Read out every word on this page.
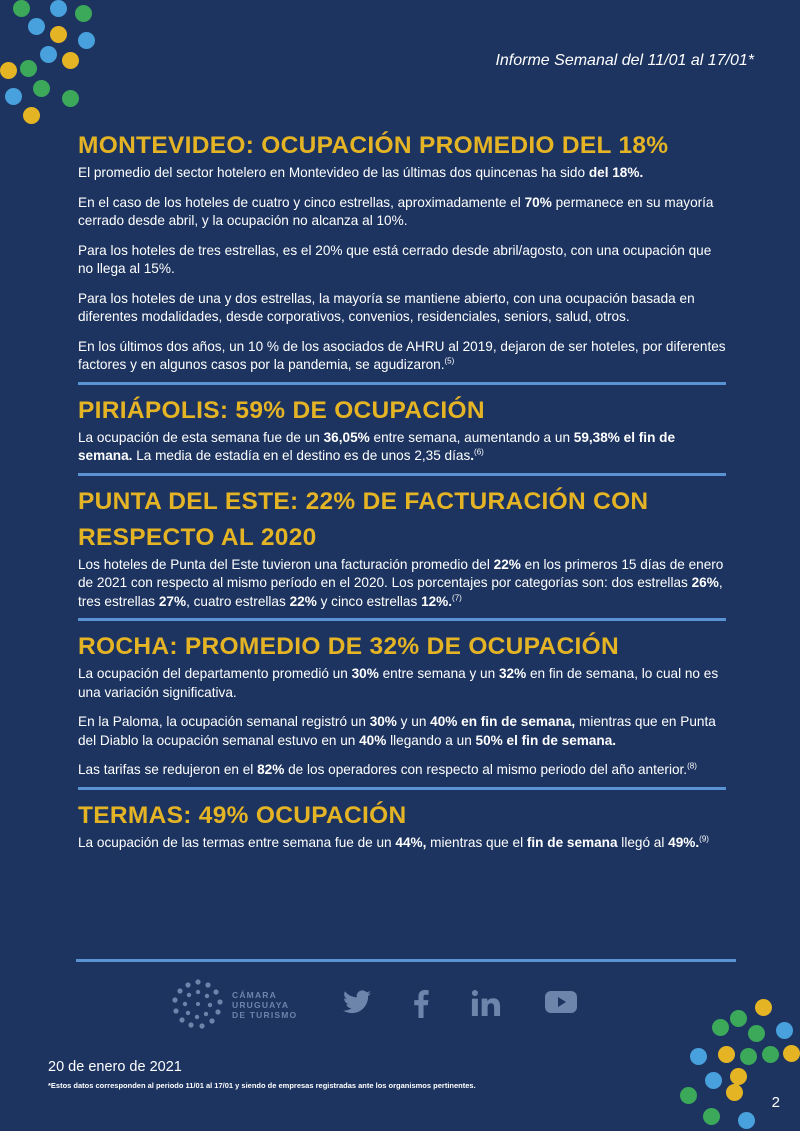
Informe Semanal del 11/01 al 17/01*
MONTEVIDEO: OCUPACIÓN PROMEDIO DEL 18%

El promedio del sector hotelero en Montevideo de las últimas dos quincenas ha sido del 18%.

En el caso de los hoteles de cuatro y cinco estrellas, aproximadamente el 70% permanece en su mayoría cerrado desde abril, y la ocupación no alcanza al 10%.

Para los hoteles de tres estrellas, es el 20% que está cerrado desde abril/agosto, con una ocupación que no llega al 15%.

Para los hoteles de una y dos estrellas, la mayoría se mantiene abierto, con una ocupación basada en diferentes modalidades, desde corporativos, convenios, residenciales, seniors, salud, otros.

En los últimos dos años, un 10 % de los asociados de AHRU al 2019, dejaron de ser hoteles, por diferentes factores y en algunos casos por la pandemia, se agudizaron.$^{(5)}$

PIRIÁPOLIS: 59% DE OCUPACIÓN

La ocupación de esta semana fue de un 36,05% entre semana, aumentando a un 59,38% el fin de semana. La media de estadía en el destino es de unos 2,35 días.$^{(6)}$

PUNTA DEL ESTE: 22% DE FACTURACIÓN CON
RESPECTO AL 2020

Los hoteles de Punta del Este tuvieron una facturación promedio del 22% en los primeros 15 días de enero de 2021 con respecto al mismo período en el 2020. Los porcentajes por categorías son: dos estrellas 26%, tres estrellas 27%, cuatro estrellas 22% y cinco estrellas 12%.$^{(7)}$

ROCHA: PROMEDIO DE 32% DE OCUPACIÓN

La ocupación del departamento promedió un 30% entre semana y un 32% en fin de semana, lo cual no es una variación significativa.

En la Paloma, la ocupación semanal registró un 30% y un 40% en fin de semana, mientras que en Punta del Diablo la ocupación semanal estuvo en un 40% llegando a un 50% el fin de semana.

Las tarifas se redujeron en el 82% de los operadores con respecto al mismo periodo del año anterior.$^{(8)}$

TERMAS: 49% OCUPACIÓN

La ocupación de las termas entre semana fue de un 44%, mientras que el fin de semana llegó al 49%.$^{(9)}$

CÁMARA
URUGUAYA
DE TURISMO
20 de enero de 2021
*Estos datos corresponden al periodo 11/01 al 17/01 y siendo de empresas registradas ante los organismos pertinentes.
2
